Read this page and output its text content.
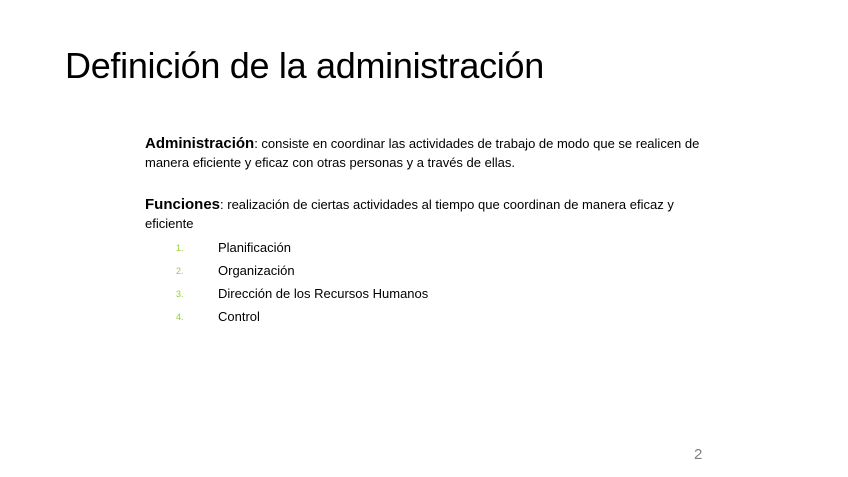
Definición de la administración

Administración: consiste en coordinar las actividades de trabajo de modo que se realicen de manera eficiente y eficaz con otras personas y a través de ellas.

Funciones: realización de ciertas actividades al tiempo que coordinan de manera eficaz y eficiente

1.	Planificación
2.	Organización
3.	Dirección de los Recursos Humanos
4.	Control
2
